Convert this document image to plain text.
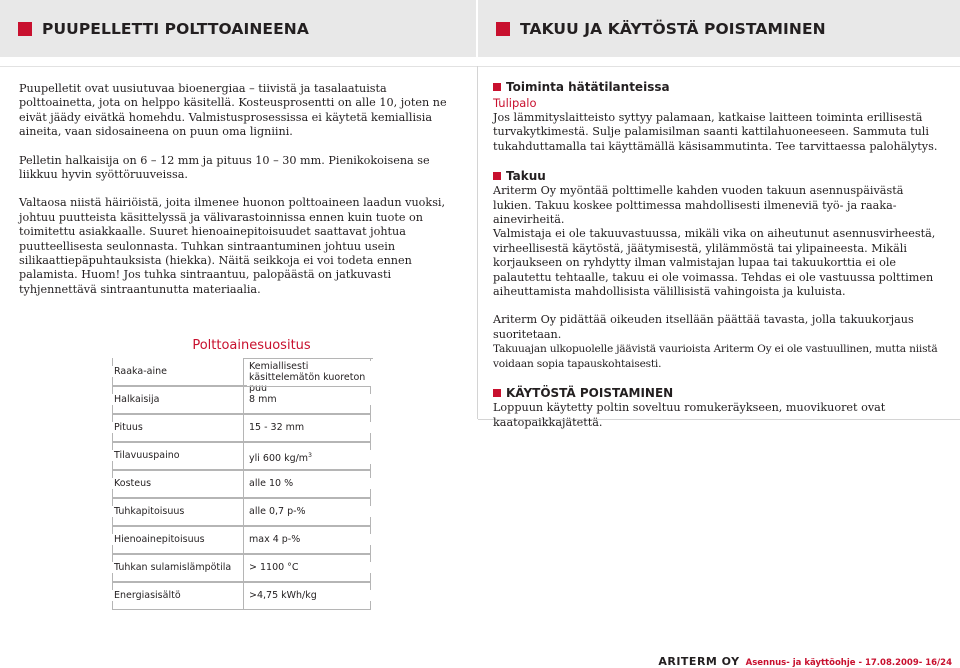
PUUPELLETTI POLTTOAINEENA	TAKUU JA KÄYTÖSTÄ POISTAMINEN

Puupelletit ovat uusiutuvaa bioenergiaa – tiivistä ja tasalaatuista polttoainetta, jota on helppo käsitellä. Kosteusprosentti on alle 10, joten ne eivät jäädy eivätkä homehdu. Valmistusprosessissa ei käytetä kemiallisia aineita, vaan sidosaineena on puun oma ligniini.

Pelletin halkaisija on 6 – 12 mm ja pituus 10 – 30 mm. Pienikokoisena se liikkuu hyvin syöttöruuveissa.

Valtaosa niistä häiriöistä, joita ilmenee huonon polttoaineen laadun vuoksi, johtuu puutteista käsittelyssä ja välivarastoinnissa ennen kuin tuote on toimitettu asiakkaalle. Suuret hienoainepitoisuudet saattavat johtua puutteellisesta seulonnasta. Tuhkan sintraantuminen johtuu usein silikaattiepäpuhtauksista (hiekka). Näitä seikkoja ei voi todeta ennen palamista. Huom! Jos tuhka sintraantuu, palopäästä on jatkuvasti tyhjennettävä sintraantunutta materiaalia.

Polttoainesuositus
Raaka-aine	Kemiallisesti käsittelemätön kuoreton puu
Halkaisija	8 mm
Pituus	15 - 32 mm
Tilavuuspaino	yli 600 $kg/m^3$
Kosteus	alle 10 %
Tuhkapitoisuus	alle 0,7 p-%
Hienoainepitoisuus	max 4 p-%
Tuhkan sulamislämpötila > 1100 °C
Energiasisältö	>4,75 kWh/kg
Toiminta hätätilanteissa
Tulipalo

Jos lämmityslaitteisto syttyy palamaan, katkaise laitteen toiminta erillisestä turvakytkimestä. Sulje palamisilman saanti kattilahuoneeseen. Sammuta tuli tukahduttamalla tai käyttämällä käsisammutinta. Tee tarvittaessa palohälytys.

Takuu

Ariterm Oy myöntää polttimelle kahden vuoden takuun asennuspäivästä lukien. Takuu koskee polttimessa mahdollisesti ilmeneviä työ- ja raaka-ainevirheitä.

Valmistaja ei ole takuuvastuussa, mikäli vika on aiheutunut asennusvirheestä, virheellisestä käytöstä, jäätymisestä, ylilämmöstä tai ylipaineesta. Mikäli korjaukseen on ryhdytty ilman valmistajan lupaa tai takuukorttia ei ole palautettu tehtaalle, takuu ei ole voimassa. Tehdas ei ole vastuussa polttimen aiheuttamista mahdollisista välillisistä vahingoista ja kuluista.

Ariterm Oy pidättää oikeuden itsellään päättää tavasta, jolla takuukorjaus suoritetaan.

Takuuajan ulkopuolelle jäävistä vaurioista Ariterm Oy ei ole vastuullinen, mutta niistä voidaan sopia tapauskohtaisesti.

KÄYTÖSTÄ POISTAMINEN

Loppuun käytetty poltin soveltuu romukeräykseen, muovikuoret ovat kaatopaikkajätettä.

ARITERM OY Asennus- ja käyttöohje - 17.08.2009- 16/24
